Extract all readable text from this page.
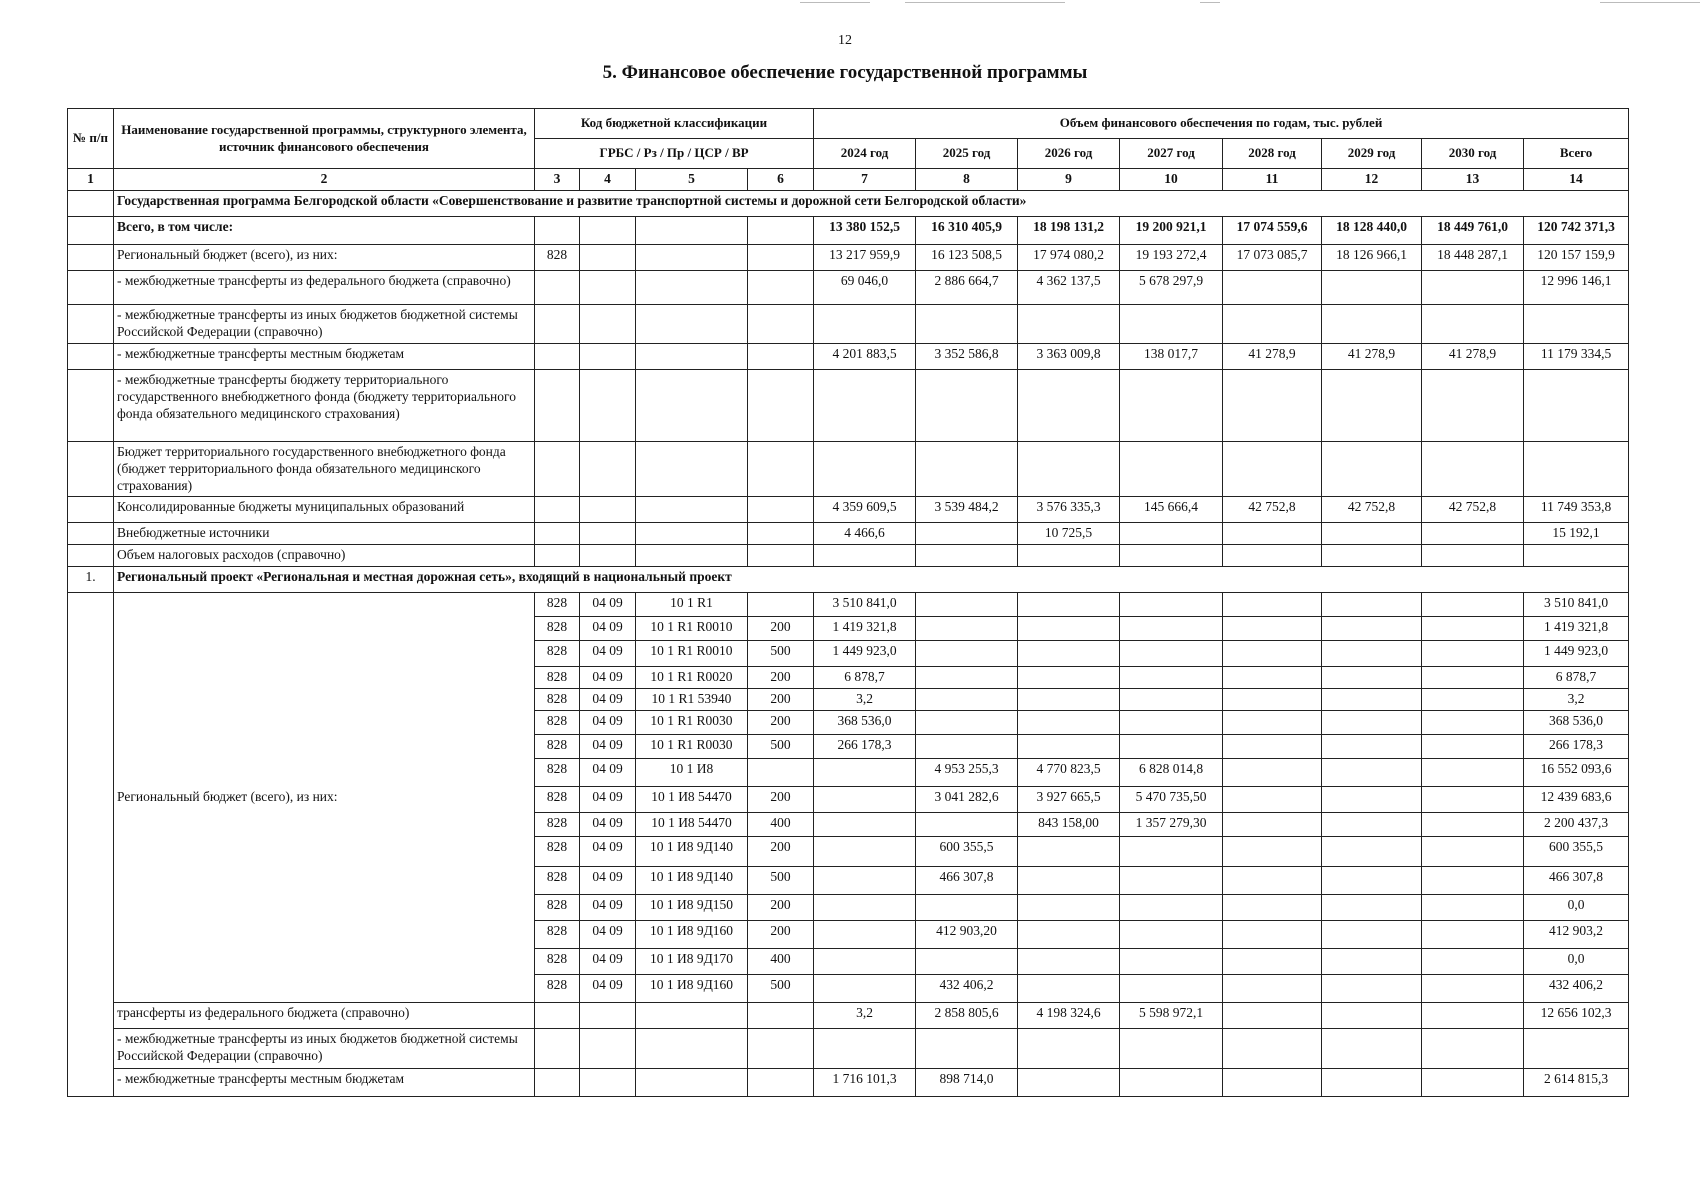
12
5. Финансовое обеспечение государственной программы
№ п/п	Наименование государственной программы, структурного элемента, источник финансового обеспечения	Код бюджетной классификации				Объем финансового обеспечения по годам, тыс. рублей							
		ГРБС / Рз / Пр / ЦСР / ВР				2024 год	2025 год	2026 год	2027 год	2028 год	2029 год	2030 год	Всего
1	2	3	4	5	6	7	8	9	10	11	12	13	14
	Государственная программа Белгородской области «Совершенствование и развитие транспортной системы и дорожной сети Белгородской области»												
	Всего, в том числе:					13 380 152,5	16 310 405,9	18 198 131,2	19 200 921,1	17 074 559,6	18 128 440,0	18 449 761,0	120 742 371,3
	Региональный бюджет (всего), из них:	828				13 217 959,9	16 123 508,5	17 974 080,2	19 193 272,4	17 073 085,7	18 126 966,1	18 448 287,1	120 157 159,9
	- межбюджетные трансферты из федерального бюджета (справочно)					69 046,0	2 886 664,7	4 362 137,5	5 678 297,9				12 996 146,1
	- межбюджетные трансферты из иных бюджетов бюджетной системы Российской Федерации (справочно)												
	- межбюджетные трансферты местным бюджетам					4 201 883,5	3 352 586,8	3 363 009,8	138 017,7	41 278,9	41 278,9	41 278,9	11 179 334,5
	- межбюджетные трансферты бюджету территориального государственного внебюджетного фонда (бюджету территориального фонда обязательного медицинского страхования)												
	Бюджет территориального государственного внебюджетного фонда (бюджет территориального фонда обязательного медицинского страхования)												
	Консолидированные бюджеты муниципальных образований					4 359 609,5	3 539 484,2	3 576 335,3	145 666,4	42 752,8	42 752,8	42 752,8	11 749 353,8
	Внебюджетные источники					4 466,6		10 725,5					15 192,1
	Объем налоговых расходов (справочно)												
1.	Региональный проект «Региональная и местная дорожная сеть», входящий в национальный проект												
	Региональный бюджет (всего), из них:	828	04 09	10 1 R1		3 510 841,0							3 510 841,0
		828	04 09	10 1 R1 R0010	200	1 419 321,8							1 419 321,8
		828	04 09	10 1 R1 R0010	500	1 449 923,0							1 449 923,0
		828	04 09	10 1 R1 R0020	200	6 878,7							6 878,7
		828	04 09	10 1 R1 53940	200	3,2							3,2
		828	04 09	10 1 R1 R0030	200	368 536,0							368 536,0
		828	04 09	10 1 R1 R0030	500	266 178,3							266 178,3
		828	04 09	10 1 И8			4 953 255,3	4 770 823,5	6 828 014,8				16 552 093,6
		828	04 09	10 1 И8 54470	200		3 041 282,6	3 927 665,5	5 470 735,50				12 439 683,6
		828	04 09	10 1 И8 54470	400			843 158,00	1 357 279,30				2 200 437,3
		828	04 09	10 1 И8 9Д140	200		600 355,5						600 355,5
		828	04 09	10 1 И8 9Д140	500		466 307,8						466 307,8
		828	04 09	10 1 И8 9Д150	200								0,0
		828	04 09	10 1 И8 9Д160	200		412 903,20						412 903,2
		828	04 09	10 1 И8 9Д170	400								0,0
		828	04 09	10 1 И8 9Д160	500		432 406,2						432 406,2
	трансферты из федерального бюджета (справочно)					3,2	2 858 805,6	4 198 324,6	5 598 972,1				12 656 102,3
	- межбюджетные трансферты из иных бюджетов бюджетной системы Российской Федерации (справочно)												
	- межбюджетные трансферты местным бюджетам					1 716 101,3	898 714,0						2 614 815,3
